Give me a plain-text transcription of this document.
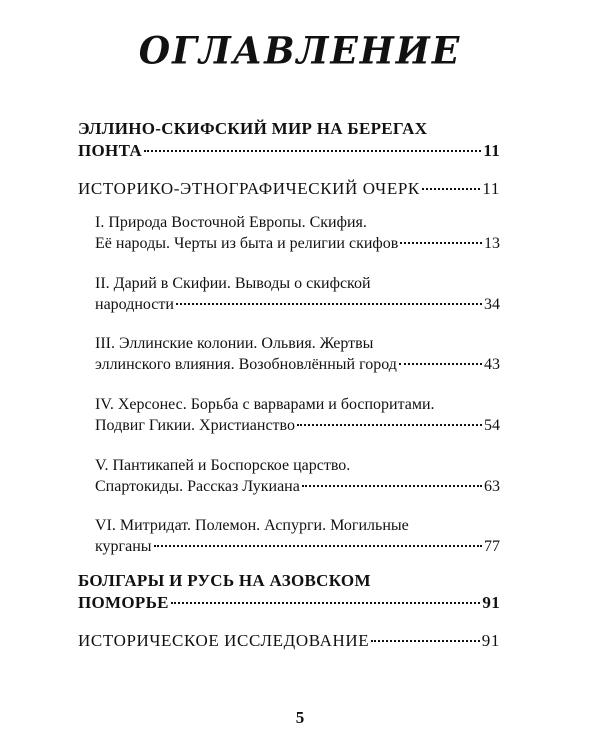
ОГЛАВЛЕНИЕ
ЭЛЛИНО-СКИФСКИЙ МИР НА БЕРЕГАХ
ПОНТА	11
ИСТОРИКО-ЭТНОГРАФИЧЕСКИЙ ОЧЕРК	11
I. Природа Восточной Европы. Скифия.
Её народы. Черты из быта и религии скифов	13
II. Дарий в Скифии. Выводы о скифской
народности	34
III. Эллинские колонии. Ольвия. Жертвы
эллинского влияния. Возобновлённый город	43
IV. Херсонес. Борьба с варварами и боспоритами.
Подвиг Гикии. Христианство	54
V. Пантикапей и Боспорское царство.
Спартокиды. Рассказ Лукиана	63
VI. Митридат. Полемон. Аспурги. Могильные
курганы	77
БОЛГАРЫ И РУСЬ НА АЗОВСКОМ
ПОМОРЬЕ	91
ИСТОРИЧЕСКОЕ ИССЛЕДОВАНИЕ	91
5
